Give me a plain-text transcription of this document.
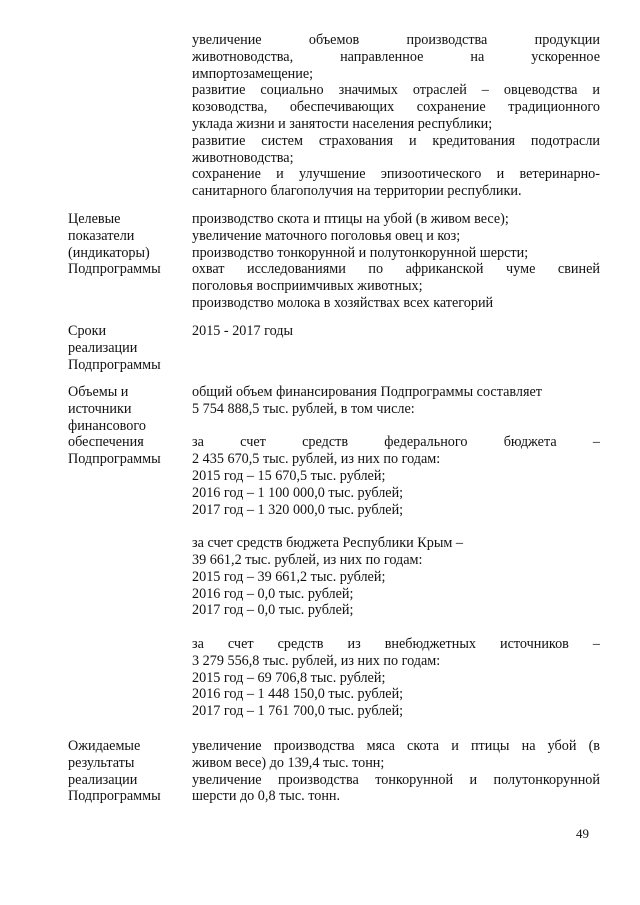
увеличение объемов производства продукции
животноводства, направленное на ускоренное
импортозамещение;
развитие социально значимых отраслей – овцеводства и
козоводства, обеспечивающих сохранение традиционного
уклада жизни и занятости населения республики;
развитие систем страхования и кредитования подотрасли
животноводства;
сохранение и улучшение эпизоотического и ветеринарно-
санитарного благополучия на территории республики.
Целевые
показатели
(индикаторы)
Подпрограммы
производство скота и птицы на убой (в живом весе);
увеличение маточного поголовья овец и коз;
производство тонкорунной и полутонкорунной шерсти;
охват исследованиями по африканской чуме свиней
поголовья восприимчивых животных;
производство молока в хозяйствах всех категорий
Сроки
реализации
Подпрограммы
2015 - 2017 годы
Объемы и
источники
финансового
обеспечения
Подпрограммы
общий объем финансирования Подпрограммы составляет
5 754 888,5 тыс. рублей, в том числе:
за счет средств федерального бюджета –
2 435 670,5 тыс. рублей, из них по годам:
2015 год – 15 670,5 тыс. рублей;
2016 год – 1 100 000,0 тыс. рублей;
2017 год – 1 320 000,0 тыс. рублей;
за счет средств бюджета Республики Крым –
39 661,2 тыс. рублей, из них по годам:
2015 год – 39 661,2 тыс. рублей;
2016 год – 0,0 тыс. рублей;
2017 год – 0,0 тыс. рублей;
за счет средств из внебюджетных источников –
3 279 556,8 тыс. рублей, из них по годам:
2015 год – 69 706,8 тыс. рублей;
2016 год – 1 448 150,0 тыс. рублей;
2017 год – 1 761 700,0 тыс. рублей;
Ожидаемые
результаты
реализации
Подпрограммы
увеличение производства мяса скота и птицы на убой (в
живом весе) до 139,4 тыс. тонн;
увеличение производства тонкорунной и полутонкорунной
шерсти до 0,8 тыс. тонн.
49
